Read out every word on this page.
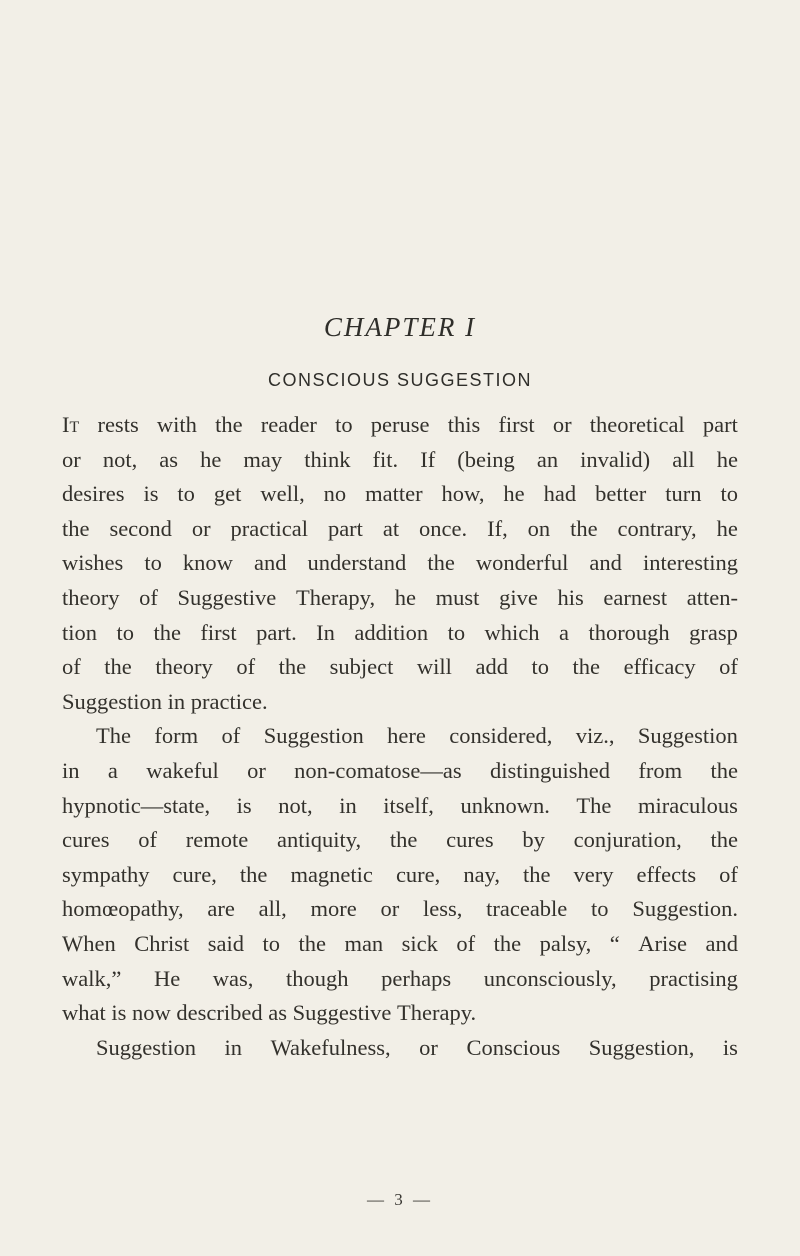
CHAPTER I
CONSCIOUS SUGGESTION
It rests with the reader to peruse this first or theoretical part
or not, as he may think fit. If (being an invalid) all he
desires is to get well, no matter how, he had better turn to
the second or practical part at once. If, on the contrary, he
wishes to know and understand the wonderful and interesting
theory of Suggestive Therapy, he must give his earnest atten-
tion to the first part. In addition to which a thorough grasp
of the theory of the subject will add to the efficacy of
Suggestion in practice.
The form of Suggestion here considered, viz., Suggestion
in a wakeful or non-comatose—as distinguished from the
hypnotic—state, is not, in itself, unknown. The miraculous
cures of remote antiquity, the cures by conjuration, the
sympathy cure, the magnetic cure, nay, the very effects of
homœopathy, are all, more or less, traceable to Suggestion.
When Christ said to the man sick of the palsy, “ Arise and
walk,” He was, though perhaps unconsciously, practising
what is now described as Suggestive Therapy.
Suggestion in Wakefulness, or Conscious Suggestion, is
— 3 —
